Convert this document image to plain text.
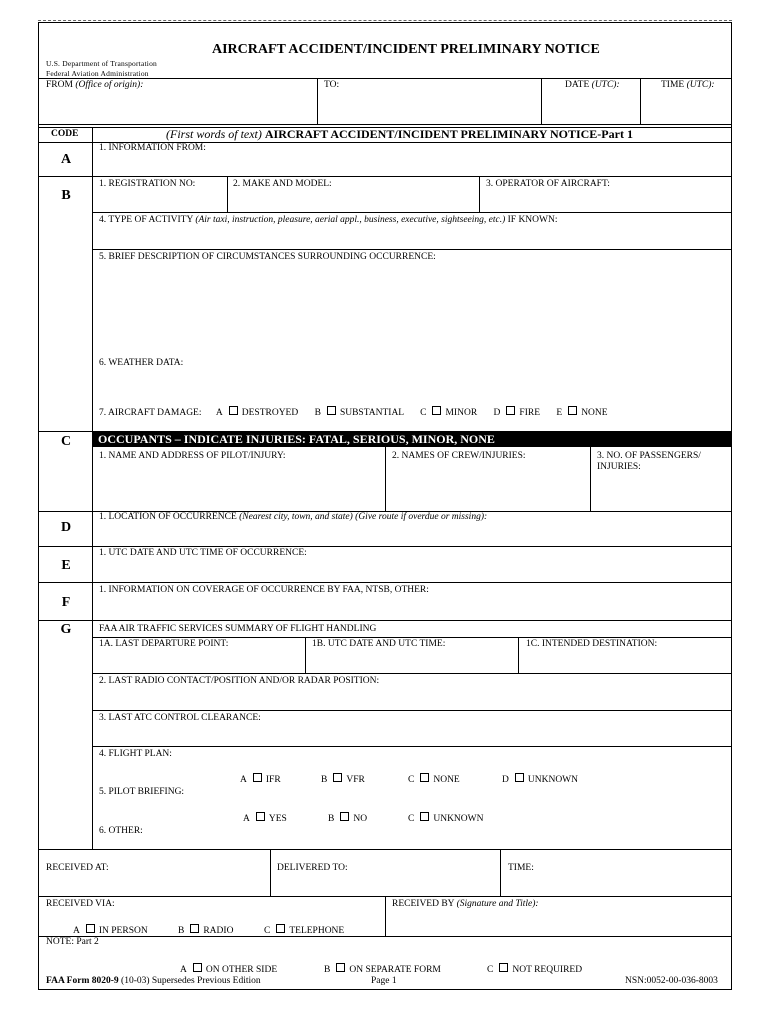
U.S. Department of Transportation
Federal Aviation Administration
AIRCRAFT ACCIDENT/INCIDENT PRELIMINARY NOTICE
FROM (Office of origin):	TO:	DATE (UTC):	TIME (UTC):
CODE	(First words of text) AIRCRAFT ACCIDENT/INCIDENT PRELIMINARY NOTICE-Part 1
A
1. INFORMATION FROM:
B
1. REGISTRATION NO:	2. MAKE AND MODEL:	3. OPERATOR OF AIRCRAFT:
4. TYPE OF ACTIVITY (Air taxi, instruction, pleasure, aerial appl., business, executive, sightseeing, etc.) IF KNOWN:
5. BRIEF DESCRIPTION OF CIRCUMSTANCES SURROUNDING OCCURRENCE:
6. WEATHER DATA:
7. AIRCRAFT DAMAGE: A DESTROYED B SUBSTANTIAL C MINOR D FIRE E NONE
C	OCCUPANTS – INDICATE INJURIES: FATAL, SERIOUS, MINOR, NONE
1. NAME AND ADDRESS OF PILOT/INJURY:	2. NAMES OF CREW/INJURIES:	3. NO. OF PASSENGERS/
INJURIES:
D
1. LOCATION OF OCCURRENCE (Nearest city, town, and state) (Give route if overdue or missing):
E
1. UTC DATE AND UTC TIME OF OCCURRENCE:
F
1. INFORMATION ON COVERAGE OF OCCURRENCE BY FAA, NTSB, OTHER:
G	FAA AIR TRAFFIC SERVICES SUMMARY OF FLIGHT HANDLING
1A. LAST DEPARTURE POINT:	1B. UTC DATE AND UTC TIME:	1C. INTENDED DESTINATION:
2. LAST RADIO CONTACT/POSITION AND/OR RADAR POSITION:
3. LAST ATC CONTROL CLEARANCE:
4. FLIGHT PLAN:
A IFR	B VFR	C NONE	D UNKNOWN
5. PILOT BRIEFING:
A YES	B NO	C UNKNOWN
6. OTHER:
RECEIVED AT:	DELIVERED TO:	TIME:
RECEIVED VIA:	RECEIVED BY (Signature and Title):
A IN PERSON	B RADIO	C TELEPHONE
NOTE: Part 2
A ON OTHER SIDE	B ON SEPARATE FORM	C NOT REQUIRED
FAA Form 8020-9 (10-03) Supersedes Previous Edition	Page 1	NSN:0052-00-036-8003
